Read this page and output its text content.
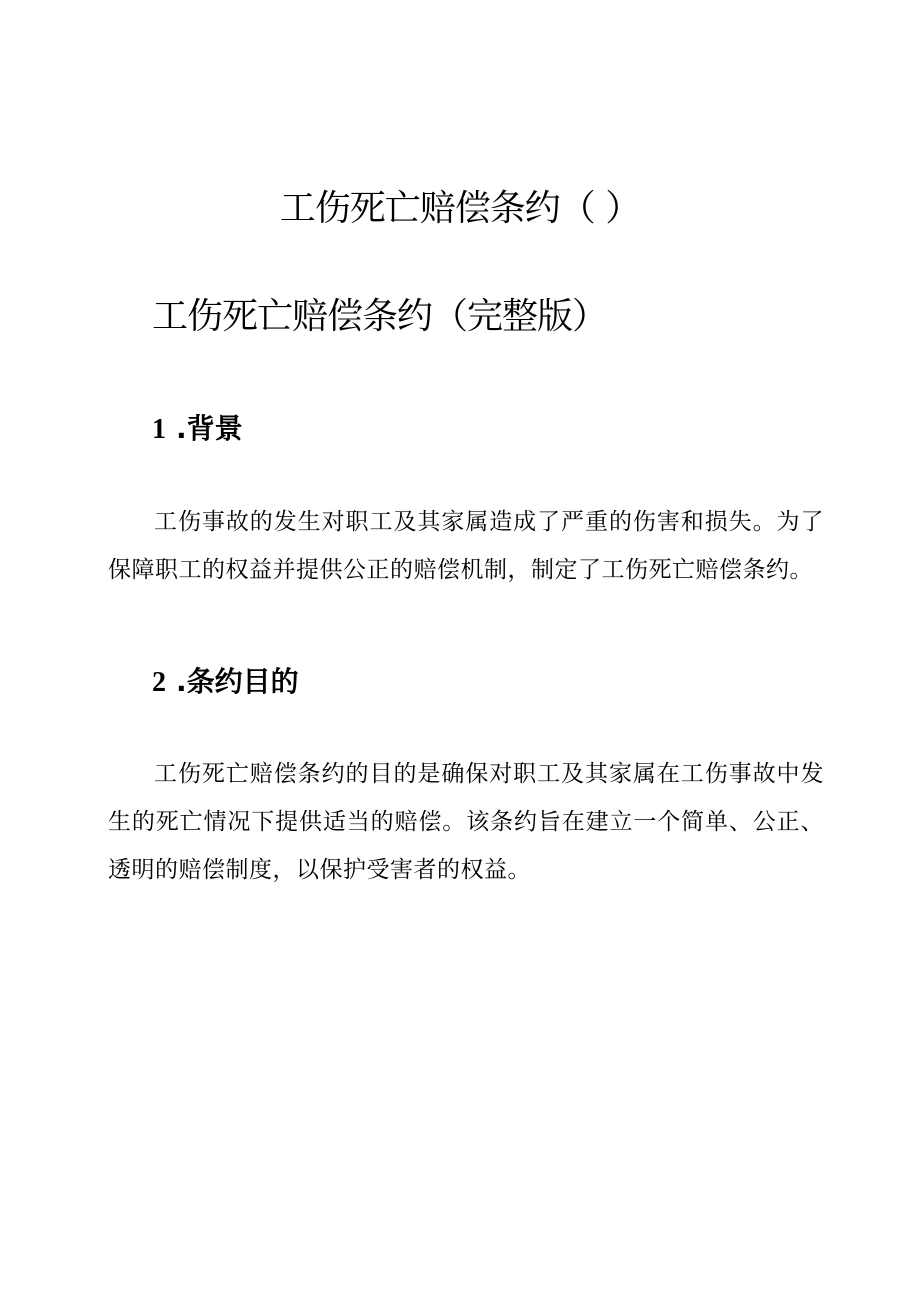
工伤死亡赔偿条约（ ）
工伤死亡赔偿条约（完整版）
1 .背景
工伤事故的发生对职工及其家属造成了严重的伤害和损失。为了保障职工的权益并提供公正的赔偿机制，制定了工伤死亡赔偿条约。
2 .条约目的
工伤死亡赔偿条约的目的是确保对职工及其家属在工伤事故中发生的死亡情况下提供适当的赔偿。该条约旨在建立一个简单、公正、透明的赔偿制度，以保护受害者的权益。
